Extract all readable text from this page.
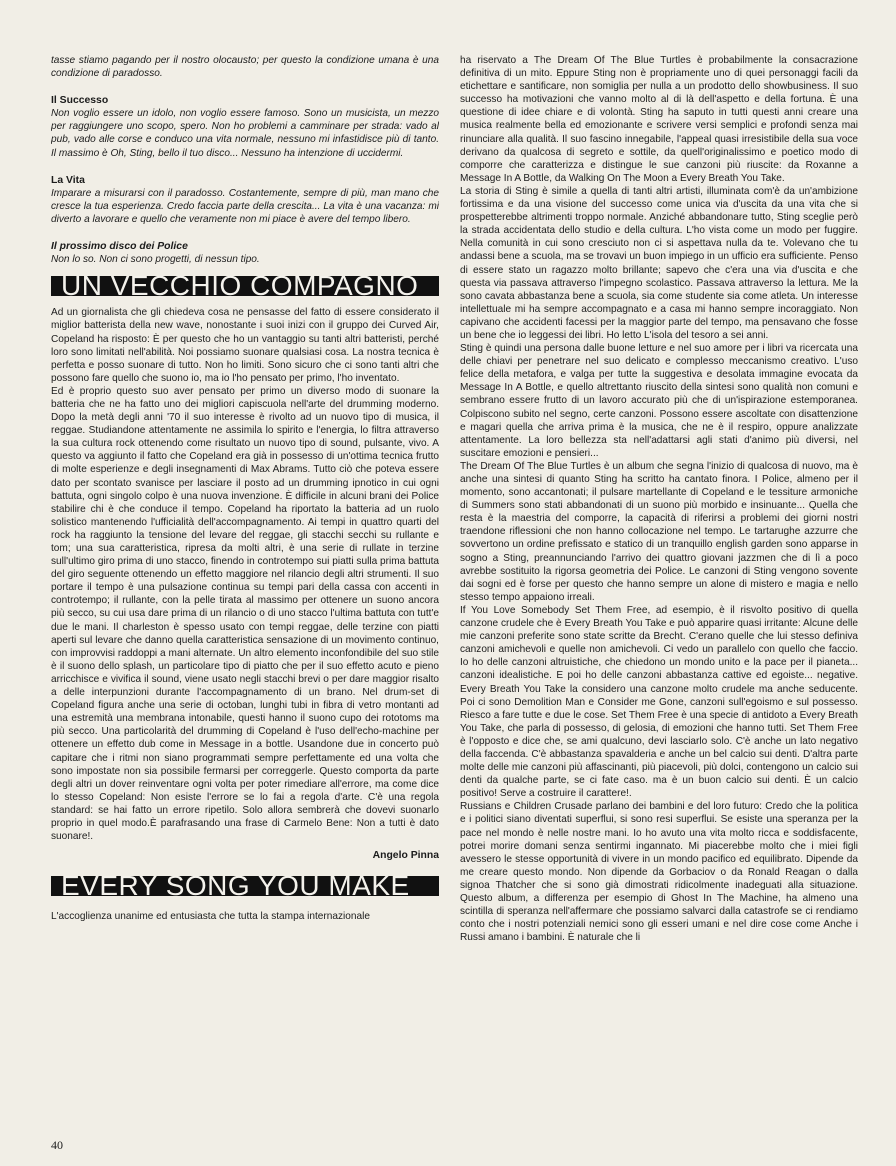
tasse stiamo pagando per il nostro olocausto; per questo la condizione umana è una condizione di paradosso.

Il Successo

Non voglio essere un idolo, non voglio essere famoso. Sono un musicista, un mezzo per raggiungere uno scopo, spero. Non ho problemi a camminare per strada: vado al pub, vado alle corse e conduco una vita normale, nessuno mi infastidisce più di tanto. Il massimo è Oh, Sting, bello il tuo disco... Nessuno ha intenzione di uccidermi.

La Vita

Imparare a misurarsi con il paradosso. Costantemente, sempre di più, man mano che cresce la tua esperienza. Credo faccia parte della crescita... La vita è una vacanza: mi diverto a lavorare e quello che veramente non mi piace è avere del tempo libero.

Il prossimo disco dei Police

Non lo so. Non ci sono progetti, di nessun tipo.

UN VECCHIO COMPAGNO

Ad un giornalista che gli chiedeva cosa ne pensasse del fatto di essere considerato il miglior batterista della new wave, nonostante i suoi inizi con il gruppo dei Curved Air, Copeland ha risposto: È per questo che ho un vantaggio su tanti altri batteristi, perché loro sono limitati nell'abilità. Noi possiamo suonare qualsiasi cosa. La nostra tecnica è perfetta e posso suonare di tutto. Non ho limiti. Sono sicuro che ci sono tanti altri che possono fare quello che suono io, ma io l'ho pensato per primo, l'ho inventato.

Ed è proprio questo suo aver pensato per primo un diverso modo di suonare la batteria che ne ha fatto uno dei migliori capiscuola nell'arte del drumming moderno. Dopo la metà degli anni '70 il suo interesse è rivolto ad un nuovo tipo di musica, il reggae. Studiandone attentamente ne assimila lo spirito e l'energia, lo filtra attraverso la sua cultura rock ottenendo come risultato un nuovo tipo di sound, pulsante, vivo. A questo va aggiunto il fatto che Copeland era già in possesso di un'ottima tecnica frutto di molte esperienze e degli insegnamenti di Max Abrams. Tutto ciò che poteva essere dato per scontato svanisce per lasciare il posto ad un drumming ipnotico in cui ogni battuta, ogni singolo colpo è una nuova invenzione. È difficile in alcuni brani dei Police stabilire chi è che conduce il tempo. Copeland ha riportato la batteria ad un ruolo solistico mantenendo l'ufficialità dell'accompagnamento. Ai tempi in quattro quarti del rock ha raggiunto la tensione del levare del reggae, gli stacchi secchi su rullante e tom; una sua caratteristica, ripresa da molti altri, è una serie di rullate in terzine sull'ultimo giro prima di uno stacco, finendo in controtempo sui piatti sulla prima battuta del giro seguente ottenendo un effetto maggiore nel rilancio degli altri strumenti. Il suo portare il tempo è una pulsazione continua su tempi pari della cassa con accenti in controtempo; il rullante, con la pelle tirata al massimo per ottenere un suono ancora più secco, su cui usa dare prima di un rilancio o di uno stacco l'ultima battuta con tutt'e due le mani. Il charleston è spesso usato con tempi reggae, delle terzine con piatti aperti sul levare che danno quella caratteristica sensazione di un movimento continuo, con improvvisi raddoppi a mani alternate. Un altro elemento inconfondibile del suo stile è il suono dello splash, un particolare tipo di piatto che per il suo effetto acuto e pieno arricchisce e vivifica il sound, viene usato negli stacchi brevi o per dare maggior risalto a delle interpunzioni durante l'accompagnamento di un brano. Nel drum-set di Copeland figura anche una serie di octoban, lunghi tubi in fibra di vetro montanti ad una estremità una membrana intonabile, questi hanno il suono cupo dei rototoms ma più secco. Una particolarità del drumming di Copeland è l'uso dell'echo-machine per ottenere un effetto dub come in Message in a bottle. Usandone due in concerto può capitare che i ritmi non siano programmati sempre perfettamente ed una volta che sono impostate non sia possibile fermarsi per correggerle. Questo comporta da parte degli altri un dover reinventare ogni volta per poter rimediare all'errore, ma come dice lo stesso Copeland: Non esiste l'errore se lo fai a regola d'arte. C'è una regola standard: se hai fatto un errore ripetilo. Solo allora sembrerà che dovevi suonarlo proprio in quel modo.È parafrasando una frase di Carmelo Bene: Non a tutti è dato suonare!.

Angelo Pinna

EVERY SONG YOU MAKE

L'accoglienza unanime ed entusiasta che tutta la stampa internazionale

ha riservato a The Dream Of The Blue Turtles è probabilmente la consacrazione definitiva di un mito. Eppure Sting non è propriamente uno di quei personaggi facili da etichettare e santificare, non somiglia per nulla a un prodotto dello showbusiness. Il suo successo ha motivazioni che vanno molto al di là dell'aspetto e della fortuna. È una questione di idee chiare e di volontà. Sting ha saputo in tutti questi anni creare una musica realmente bella ed emozionante e scrivere versi semplici e profondi senza mai rinunciare alla qualità. Il suo fascino innegabile, l'appeal quasi irresistibile della sua voce derivano da qualcosa di segreto e sottile, da quell'originalissimo e poetico modo di comporre che caratterizza e distingue le sue canzoni più riuscite: da Roxanne a Message In A Bottle, da Walking On The Moon a Every Breath You Take.

La storia di Sting è simile a quella di tanti altri artisti, illuminata com'è da un'ambizione fortissima e da una visione del successo come unica via d'uscita da una vita che si prospetterebbe altrimenti troppo normale. Anziché abbandonare tutto, Sting sceglie però la strada accidentata dello studio e della cultura. L'ho vista come un modo per fuggire. Nella comunità in cui sono cresciuto non ci si aspettava nulla da te. Volevano che tu andassi bene a scuola, ma se trovavi un buon impiego in un ufficio era sufficiente. Penso di essere stato un ragazzo molto brillante; sapevo che c'era una via d'uscita e che questa via passava attraverso l'impegno scolastico. Passava attraverso la lettura. Me la sono cavata abbastanza bene a scuola, sia come studente sia come atleta. Un interesse intellettuale mi ha sempre accompagnato e a casa mi hanno sempre incoraggiato. Non capivano che accidenti facessi per la maggior parte del tempo, ma pensavano che fosse un bene che io leggessi dei libri. Ho letto L'isola del tesoro a sei anni.

Sting è quindi una persona dalle buone letture e nel suo amore per i libri va ricercata una delle chiavi per penetrare nel suo delicato e complesso meccanismo creativo. L'uso felice della metafora, e valga per tutte la suggestiva e desolata immagine evocata da Message In A Bottle, e quello altrettanto riuscito della sintesi sono qualità non comuni e sembrano essere frutto di un lavoro accurato più che di un'ispirazione estemporanea. Colpiscono subito nel segno, certe canzoni. Possono essere ascoltate con disattenzione e magari quella che arriva prima è la musica, che ne è il respiro, oppure analizzate attentamente. La loro bellezza sta nell'adattarsi agli stati d'animo più diversi, nel suscitare emozioni e pensieri...

The Dream Of The Blue Turtles è un album che segna l'inizio di qualcosa di nuovo, ma è anche una sintesi di quanto Sting ha scritto ha cantato finora. I Police, almeno per il momento, sono accantonati; il pulsare martellante di Copeland e le tessiture armoniche di Summers sono stati abbandonati di un suono più morbido e insinuante... Quella che resta è la maestria del comporre, la capacità di riferirsi a problemi dei giorni nostri traendone riflessioni che non hanno collocazione nel tempo. Le tartarughe azzurre che sovvertono un ordine prefissato e statico di un tranquillo english garden sono apparse in sogno a Sting, preannunciando l'arrivo dei quattro giovani jazzmen che di lì a poco avrebbe sostituito la rigorsa geometria dei Police. Le canzoni di Sting vengono sovente dai sogni ed è forse per questo che hanno sempre un alone di mistero e magia e nello stesso tempo appaiono irreali.

If You Love Somebody Set Them Free, ad esempio, è il risvolto positivo di quella canzone crudele che è Every Breath You Take e può apparire quasi irritante: Alcune delle mie canzoni preferite sono state scritte da Brecht. C'erano quelle che lui stesso definiva canzoni amichevoli e quelle non amichevoli. Ci vedo un parallelo con quello che faccio. Io ho delle canzoni altruistiche, che chiedono un mondo unito e la pace per il pianeta... canzoni idealistiche. E poi ho delle canzoni abbastanza cattive ed egoiste... negative. Every Breath You Take la considero una canzone molto crudele ma anche seducente. Poi ci sono Demolition Man e Consider me Gone, canzoni sull'egoismo e sul possesso. Riesco a fare tutte e due le cose. Set Them Free è una specie di antidoto a Every Breath You Take, che parla di possesso, di gelosia, di emozioni che hanno tutti. Set Them Free è l'opposto e dice che, se ami qualcuno, devi lasciarlo solo. C'è anche un lato negativo della faccenda. C'è abbastanza spavalderia e anche un bel calcio sui denti. D'altra parte molte delle mie canzoni più affascinanti, più piacevoli, più dolci, contengono un calcio sui denti da qualche parte, se ci fate caso. ma è un buon calcio sui denti. È un calcio positivo! Serve a costruire il carattere!.

Russians e Children Crusade parlano dei bambini e del loro futuro: Credo che la politica e i politici siano diventati superflui, si sono resi superflui. Se esiste una speranza per la pace nel mondo è nelle nostre mani. Io ho avuto una vita molto ricca e soddisfacente, potrei morire domani senza sentirmi ingannato. Mi piacerebbe molto che i miei figli avessero le stesse opportunità di vivere in un mondo pacifico ed equilibrato. Dipende da me creare questo mondo. Non dipende da Gorbaciov o da Ronald Reagan o dalla signoa Thatcher che si sono già dimostrati ridicolmente inadeguati alla situazione. Questo album, a differenza per esempio di Ghost In The Machine, ha almeno una scintilla di speranza nell'affermare che possiamo salvarci dalla catastrofe se ci rendiamo conto che i nostri potenziali nemici sono gli esseri umani e nel dire cose come Anche i Russi amano i bambini. È naturale che li

40
